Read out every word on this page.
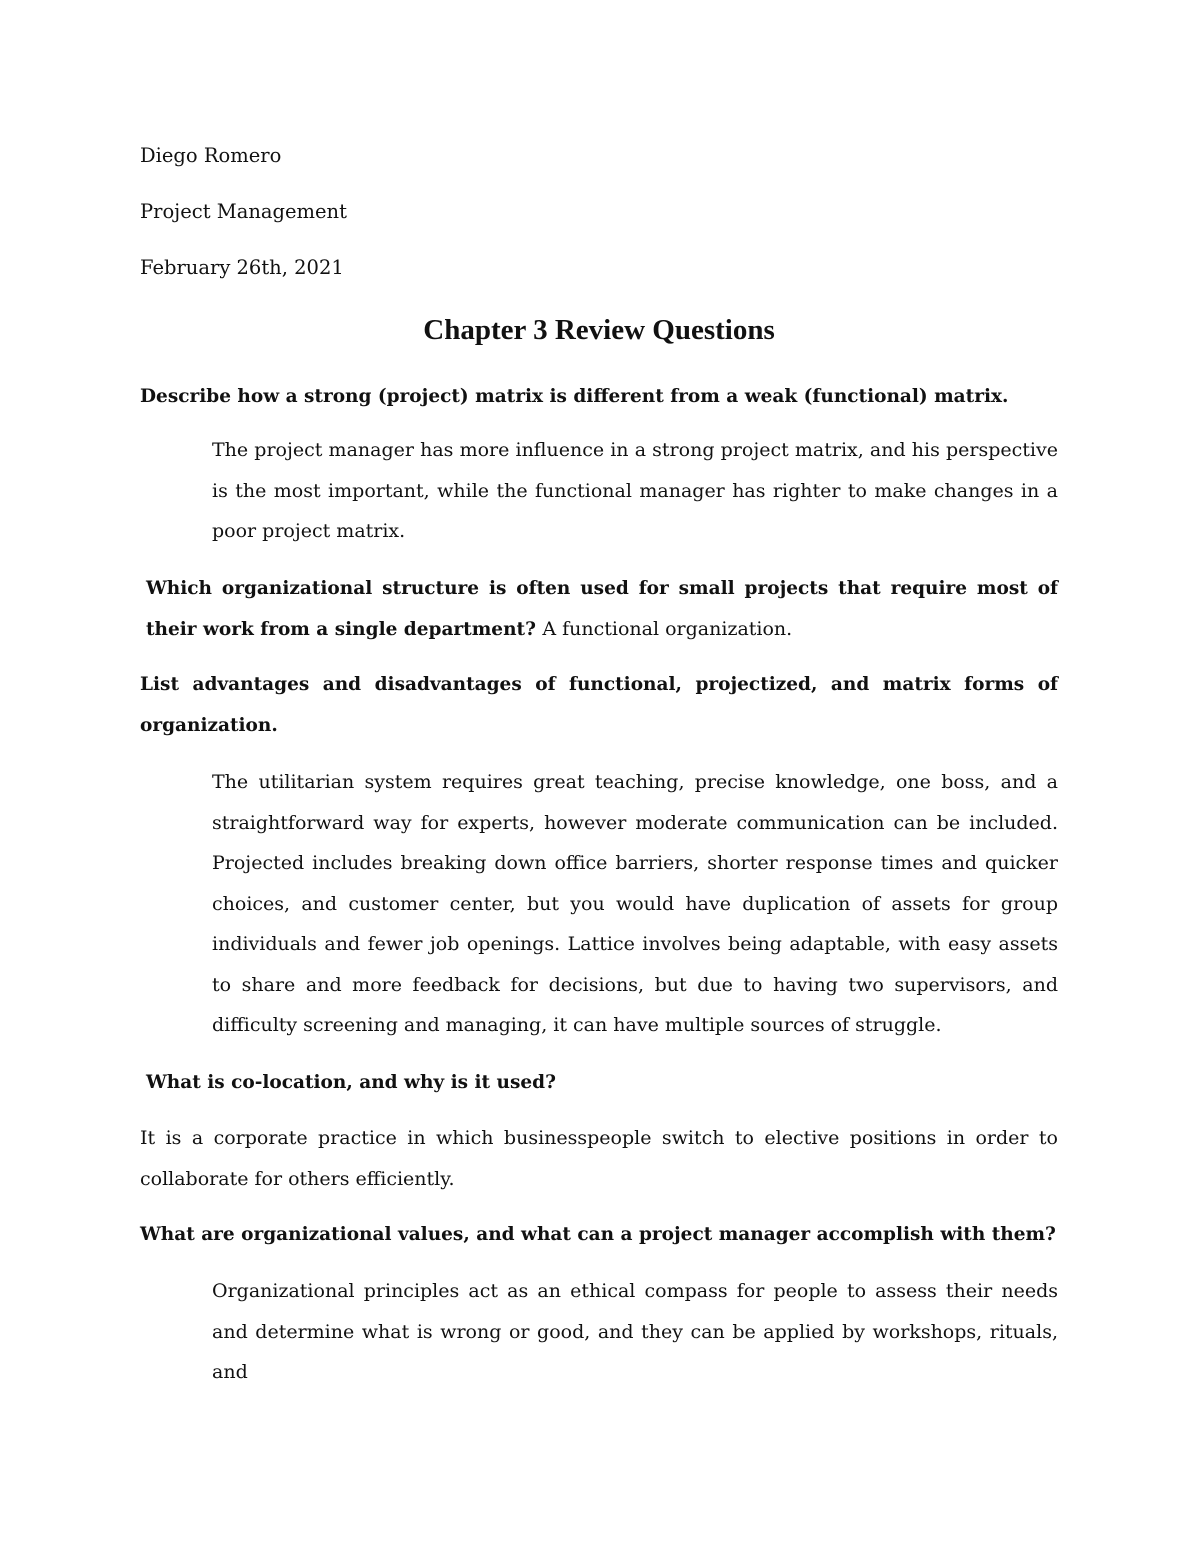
Diego Romero

Project Management

February 26th, 2021

Chapter 3 Review Questions

Describe how a strong (project) matrix is different from a weak (functional) matrix.

The project manager has more influence in a strong project matrix, and his perspective is the most important, while the functional manager has righter to make changes in a poor project matrix.

Which organizational structure is often used for small projects that require most of their work from a single department? A functional organization.

List advantages and disadvantages of functional, projectized, and matrix forms of organization.

The utilitarian system requires great teaching, precise knowledge, one boss, and a straightforward way for experts, however moderate communication can be included. Projected includes breaking down office barriers, shorter response times and quicker choices, and customer center, but you would have duplication of assets for group individuals and fewer job openings. Lattice involves being adaptable, with easy assets to share and more feedback for decisions, but due to having two supervisors, and difficulty screening and managing, it can have multiple sources of struggle.

What is co-location, and why is it used?

It is a corporate practice in which businesspeople switch to elective positions in order to collaborate for others efficiently.

What are organizational values, and what can a project manager accomplish with them?

Organizational principles act as an ethical compass for people to assess their needs and determine what is wrong or good, and they can be applied by workshops, rituals, and
